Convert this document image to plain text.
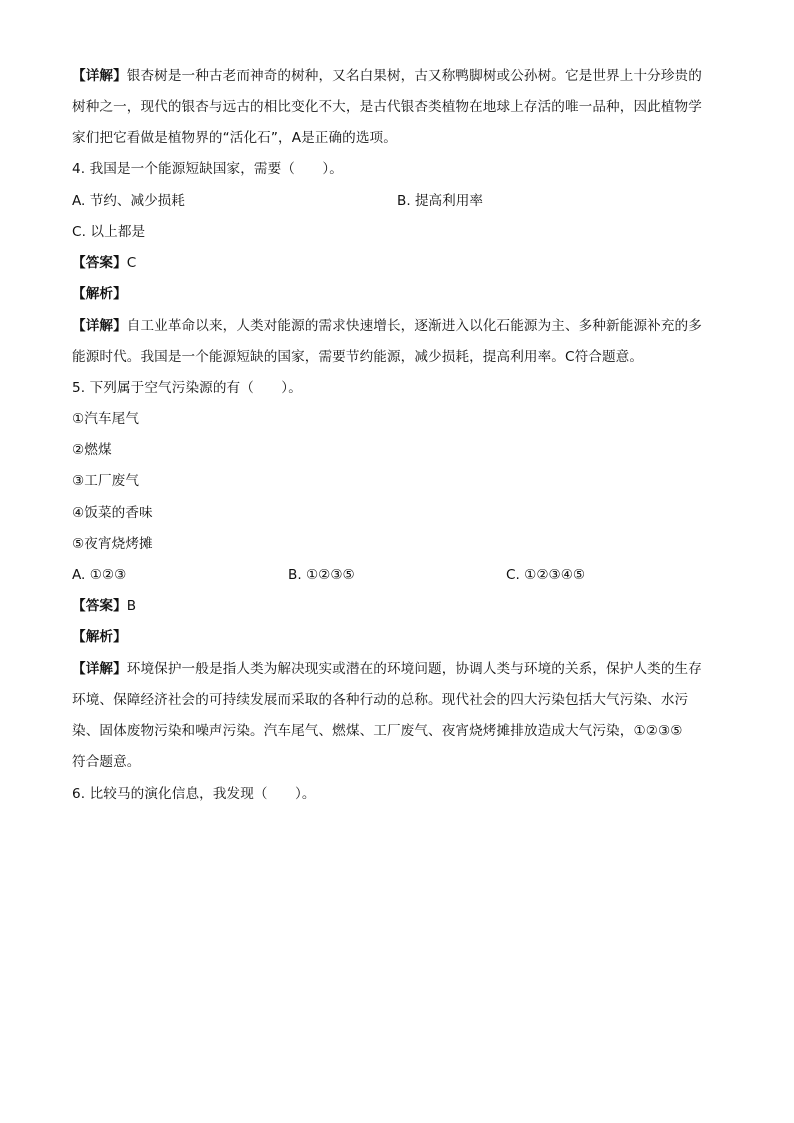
【详解】银杏树是一种古老而神奇的树种，又名白果树，古又称鸭脚树或公孙树。它是世界上十分珍贵的
树种之一，现代的银杏与远古的相比变化不大，是古代银杏类植物在地球上存活的唯一品种，因此植物学
家们把它看做是植物界的“活化石”，A是正确的选项。
4. 我国是一个能源短缺国家，需要（　　）。
A. 节约、减少损耗	B. 提高利用率
C. 以上都是
【答案】C
【解析】
【详解】自工业革命以来，人类对能源的需求快速增长，逐渐进入以化石能源为主、多种新能源补充的多
能源时代。我国是一个能源短缺的国家，需要节约能源，减少损耗，提高利用率。C符合题意。
5. 下列属于空气污染源的有（　　）。
①汽车尾气
②燃煤
③工厂废气
④饭菜的香味
⑤夜宵烧烤摊
A. ①②③	B. ①②③⑤	C. ①②③④⑤
【答案】B
【解析】
【详解】环境保护一般是指人类为解决现实或潜在的环境问题，协调人类与环境的关系，保护人类的生存
环境、保障经济社会的可持续发展而采取的各种行动的总称。现代社会的四大污染包括大气污染、水污
染、固体废物污染和噪声污染。汽车尾气、燃煤、工厂废气、夜宵烧烤摊排放造成大气污染，①②③⑤
符合题意。
6. 比较马的演化信息，我发现（　　）。
